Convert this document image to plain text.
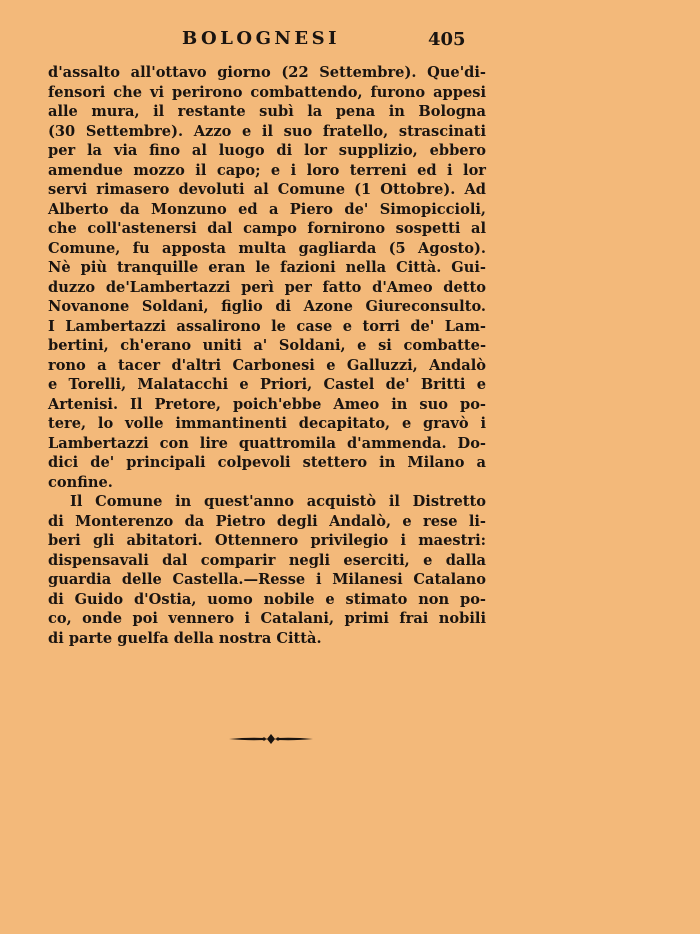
BOLOGNESI	405
d'assalto all'ottavo giorno (22 Settembre). Que'di-
fensori che vi perirono combattendo, furono appesi
alle mura, il restante subì la pena in Bologna
(30 Settembre). Azzo e il suo fratello, strascinati
per la via fino al luogo di lor supplizio, ebbero
amendue mozzo il capo; e i loro terreni ed i lor
servi rimasero devoluti al Comune (1 Ottobre). Ad
Alberto da Monzuno ed a Piero de' Simopiccioli,
che coll'astenersi dal campo fornirono sospetti al
Comune, fu apposta multa gagliarda (5 Agosto).
Nè più tranquille eran le fazioni nella Città. Gui-
duzzo de'Lambertazzi perì per fatto d'Ameo detto
Novanone Soldani, figlio di Azone Giureconsulto.
I Lambertazzi assalirono le case e torri de' Lam-
bertini, ch'erano uniti a' Soldani, e si combatte-
rono a tacer d'altri Carbonesi e Galluzzi, Andalò
e Torelli, Malatacchi e Priori, Castel de' Britti e
Artenisi. Il Pretore, poich'ebbe Ameo in suo po-
tere, lo volle immantinenti decapitato, e gravò i
Lambertazzi con lire quattromila d'ammenda. Do-
dici de' principali colpevoli stettero in Milano a
confine.
Il Comune in quest'anno acquistò il Distretto
di Monterenzo da Pietro degli Andalò, e rese li-
beri gli abitatori. Ottennero privilegio i maestri:
dispensavali dal comparir negli eserciti, e dalla
guardia delle Castella.—Resse i Milanesi Catalano
di Guido d'Ostia, uomo nobile e stimato non po-
co, onde poi vennero i Catalani, primi frai nobili
di parte guelfa della nostra Città.
